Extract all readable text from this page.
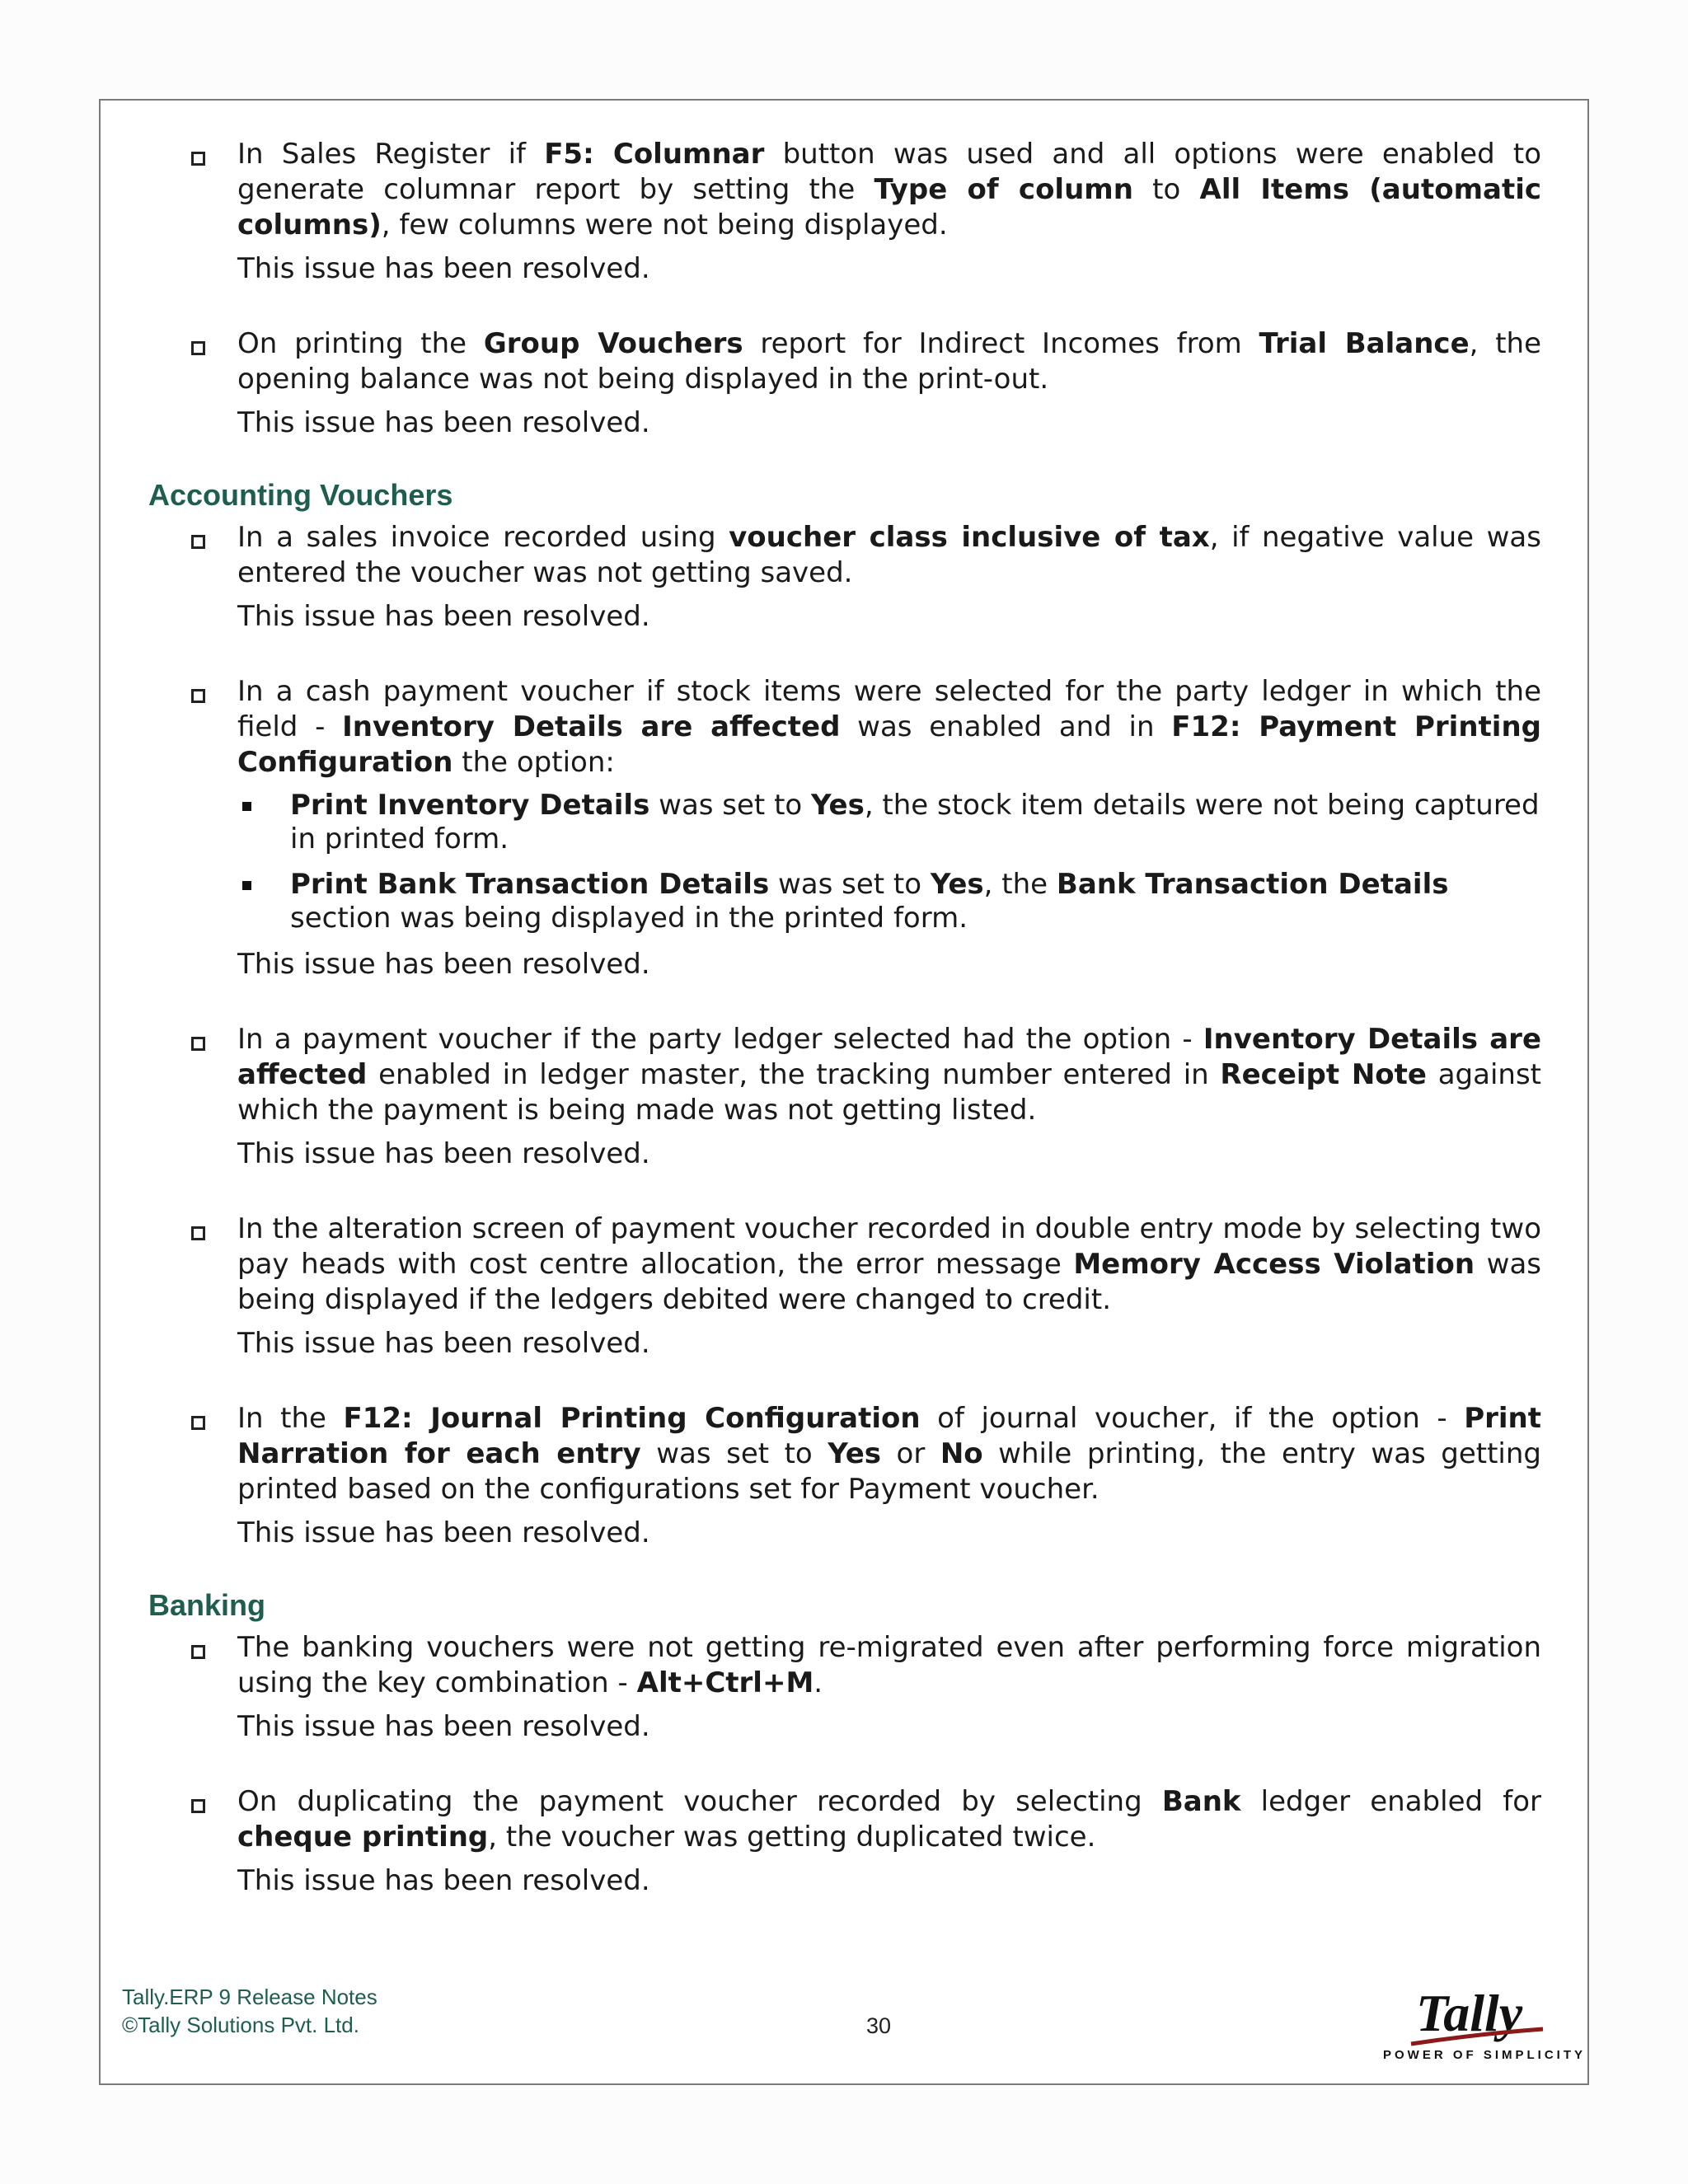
In Sales Register if F5: Columnar button was used and all options were enabled to generate columnar report by setting the Type of column to All Items (automatic columns), few columns were not being displayed.

This issue has been resolved.

On printing the Group Vouchers report for Indirect Incomes from Trial Balance, the opening balance was not being displayed in the print-out.

This issue has been resolved.
Accounting Vouchers

In a sales invoice recorded using voucher class inclusive of tax, if negative value was entered the voucher was not getting saved.

This issue has been resolved.

In a cash payment voucher if stock items were selected for the party ledger in which the field - Inventory Details are affected was enabled and in F12: Payment Printing Configuration the option:

Print Inventory Details was set to Yes, the stock item details were not being captured in printed form.
Print Bank Transaction Details was set to Yes, the Bank Transaction Details section was being displayed in the printed form.
This issue has been resolved.

In a payment voucher if the party ledger selected had the option - Inventory Details are affected enabled in ledger master, the tracking number entered in Receipt Note against which the payment is being made was not getting listed.

This issue has been resolved.

In the alteration screen of payment voucher recorded in double entry mode by selecting two pay heads with cost centre allocation, the error message Memory Access Violation was being displayed if the ledgers debited were changed to credit.

This issue has been resolved.

In the F12: Journal Printing Configuration of journal voucher, if the option - Print Narration for each entry was set to Yes or No while printing, the entry was getting printed based on the configurations set for Payment voucher.

This issue has been resolved.
Banking

The banking vouchers were not getting re-migrated even after performing force migration using the key combination - Alt+Ctrl+M.

This issue has been resolved.

On duplicating the payment voucher recorded by selecting Bank ledger enabled for cheque printing, the voucher was getting duplicated twice.

This issue has been resolved.
Tally.ERP 9 Release Notes
©Tally Solutions Pvt. Ltd.	30	Tally
POWER OF SIMPLICITY
